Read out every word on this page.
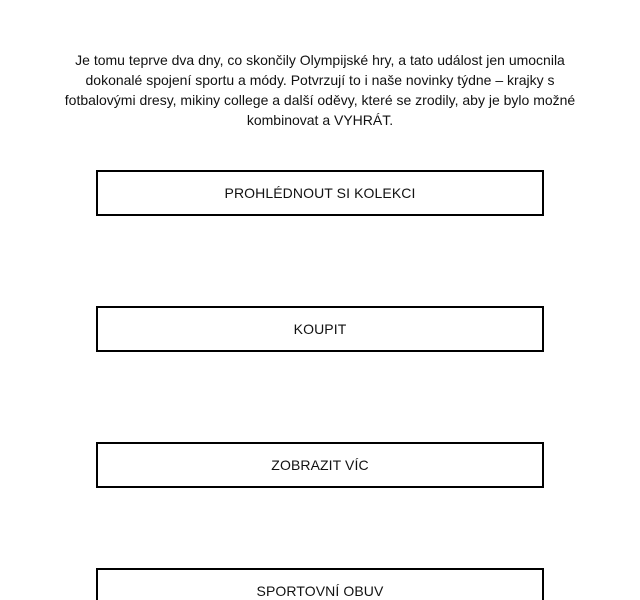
Je tomu teprve dva dny, co skončily Olympijské hry, a tato událost jen umocnila dokonalé spojení sportu a módy. Potvrzují to i naše novinky týdne – krajky s fotbalovými dresy, mikiny college a další oděvy, které se zrodily, aby je bylo možné kombinovat a VYHRÁT.

PROHLÉDNOUT SI KOLEKCI
KOUPIT
ZOBRAZIT VÍC
SPORTOVNÍ OBUV
